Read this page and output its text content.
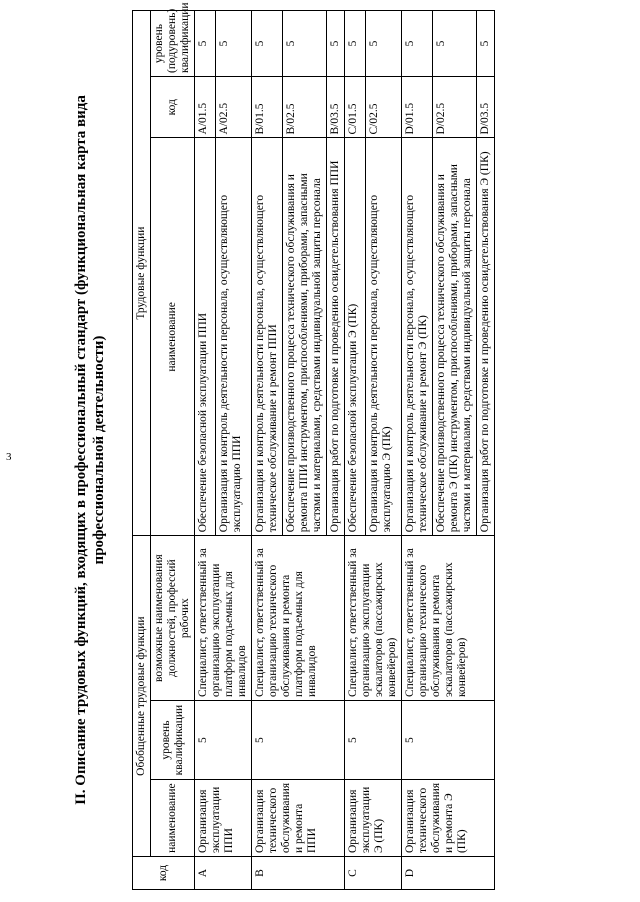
3	II. Описание трудовых функций, входящих в профессиональный стандарт (функциональная карта вида профессиональной деятельности)
код	Обобщенные трудовые функции			Трудовые функции		
	наименование	уровень квалификации	возможные наименования должностей, профессий рабочих	наименование	код	уровень (подуровень) квалификации
A	Организация эксплуатации ППИ	5	Специалист, ответственный за организацию эксплуатации платформ подъемных для инвалидов	Обеспечение безопасной эксплуатации ППИ	A/01.5	5
				Организация и контроль деятельности персонала, осуществляющего эксплуатацию ППИ	A/02.5	5
B	Организация технического обслуживания и ремонта ППИ	5	Специалист, ответственный за организацию технического обслуживания и ремонта платформ подъемных для инвалидов	Организация и контроль деятельности персонала, осуществляющего техническое обслуживание и ремонт ППИ	B/01.5	5
				Обеспечение производственного процесса технического обслуживания и ремонта ППИ инструментом, приспособлениями, приборами, запасными частями и материалами, средствами индивидуальной защиты персонала	B/02.5	5
				Организация работ по подготовке и проведению освидетельствования ППИ	B/03.5	5
C	Организация эксплуатации Э (ПК)	5	Специалист, ответственный за организацию эксплуатации эскалаторов (пассажирских конвейеров)	Обеспечение безопасной эксплуатации Э (ПК)	C/01.5	5
				Организация и контроль деятельности персонала, осуществляющего эксплуатацию Э (ПК)	C/02.5	5
D	Организация технического обслуживания и ремонта Э (ПК)	5	Специалист, ответственный за организацию технического обслуживания и ремонта эскалаторов (пассажирских конвейеров)	Организация и контроль деятельности персонала, осуществляющего техническое обслуживание и ремонт Э (ПК)	D/01.5	5
				Обеспечение производственного процесса технического обслуживания и ремонта Э (ПК) инструментом, приспособлениями, приборами, запасными частями и материалами, средствами индивидуальной защиты персонала	D/02.5	5
				Организация работ по подготовке и проведению освидетельствования Э (ПК)	D/03.5	5
